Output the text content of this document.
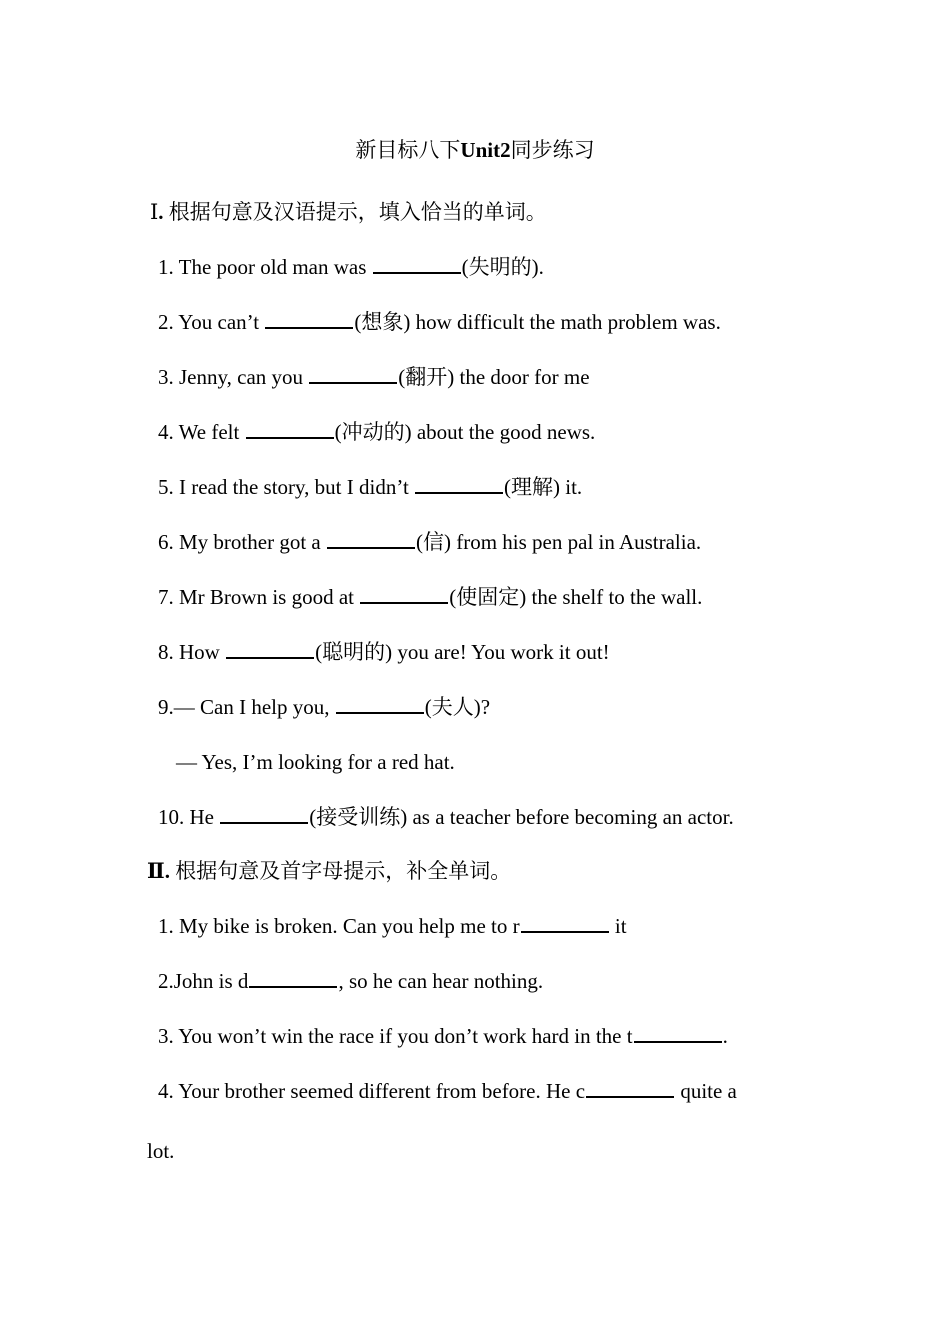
新目标八下Unit2同步练习
Ⅰ. 根据句意及汉语提示，填入恰当的单词。
1. The poor old man was	(失明的).
2. You can’t	(想象) how difficult the math problem was.
3. Jenny, can you	(翻开) the door for me
4. We felt	(冲动的) about the good news.
5. I read the story, but I didn’t	(理解) it.
6. My brother got a	(信) from his pen pal in Australia.
7. Mr Brown is good at	(使固定) the shelf to the wall.
8. How	(聪明的) you are! You work it out!
9.— Can I help you,	(夫人)?
— Yes, I’m looking for a red hat.
10. He	(接受训练) as a teacher before becoming an actor.
Ⅱ. 根据句意及首字母提示，补全单词。
1. My bike is broken. Can you help me to r	it
2.John is d	, so he can hear nothing.
3. You won’t win the race if you don’t work hard in the t	.
4. Your brother seemed different from before. He c	quite a
lot.
